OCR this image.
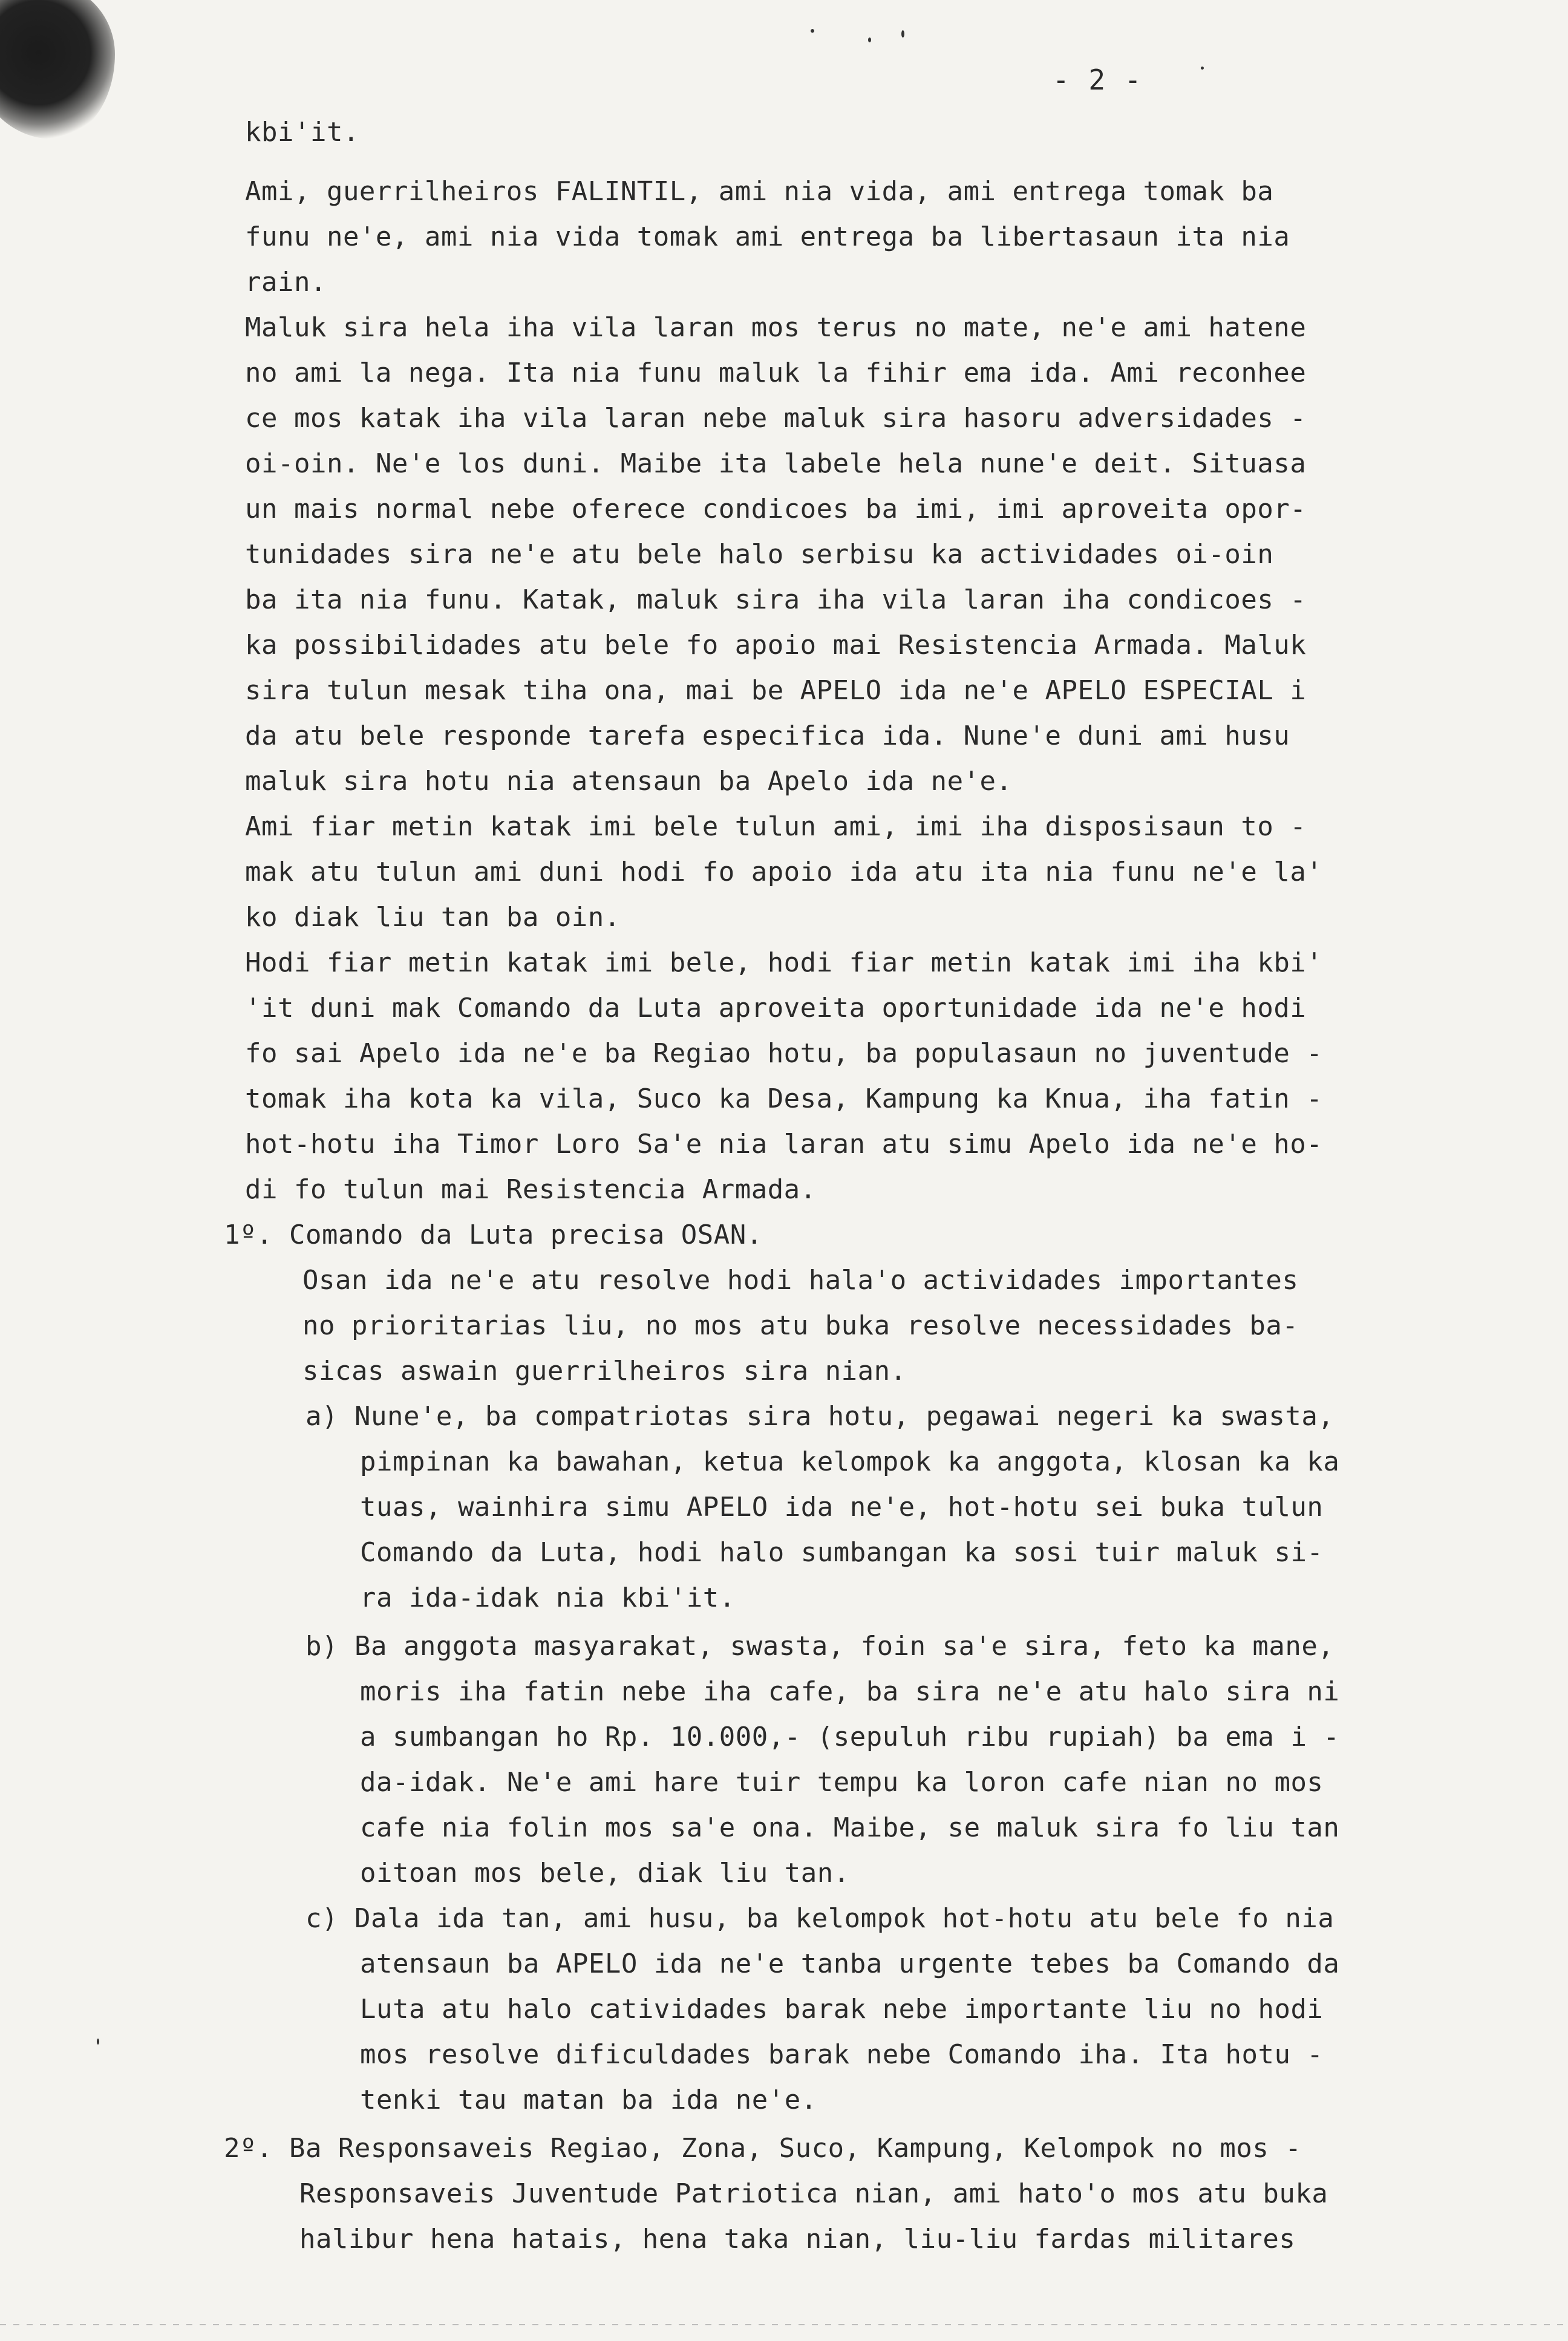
- 2 -
kbi'it.
Ami, guerrilheiros FALINTIL, ami nia vida, ami entrega tomak ba
funu ne'e, ami nia vida tomak ami entrega ba libertasaun ita nia
rain.
Maluk sira hela iha vila laran mos terus no mate, ne'e ami hatene
no ami la nega. Ita nia funu maluk la fihir ema ida. Ami reconhee
ce mos katak iha vila laran nebe maluk sira hasoru adversidades -
oi-oin. Ne'e los duni. Maibe ita labele hela nune'e deit. Situasa
un mais normal nebe oferece condicoes ba imi, imi aproveita opor-
tunidades sira ne'e atu bele halo serbisu ka actividades oi-oin
ba ita nia funu. Katak, maluk sira iha vila laran iha condicoes -
ka possibilidades atu bele fo apoio mai Resistencia Armada. Maluk
sira tulun mesak tiha ona, mai be APELO ida ne'e APELO ESPECIAL i
da atu bele responde tarefa especifica ida. Nune'e duni ami husu
maluk sira hotu nia atensaun ba Apelo ida ne'e.
Ami fiar metin katak imi bele tulun ami, imi iha disposisaun to -
mak atu tulun ami duni hodi fo apoio ida atu ita nia funu ne'e la'
ko diak liu tan ba oin.
Hodi fiar metin katak imi bele, hodi fiar metin katak imi iha kbi'
'it duni mak Comando da Luta aproveita oportunidade ida ne'e hodi
fo sai Apelo ida ne'e ba Regiao hotu, ba populasaun no juventude -
tomak iha kota ka vila, Suco ka Desa, Kampung ka Knua, iha fatin -
hot-hotu iha Timor Loro Sa'e nia laran atu simu Apelo ida ne'e ho-
di fo tulun mai Resistencia Armada.
1º. Comando da Luta precisa OSAN.
Osan ida ne'e atu resolve hodi hala'o actividades importantes
no prioritarias liu, no mos atu buka resolve necessidades ba-
sicas aswain guerrilheiros sira nian.
a) Nune'e, ba compatriotas sira hotu, pegawai negeri ka swasta,
pimpinan ka bawahan, ketua kelompok ka anggota, klosan ka ka
tuas, wainhira simu APELO ida ne'e, hot-hotu sei buka tulun
Comando da Luta, hodi halo sumbangan ka sosi tuir maluk si-
ra ida-idak nia kbi'it.
b) Ba anggota masyarakat, swasta, foin sa'e sira, feto ka mane,
moris iha fatin nebe iha cafe, ba sira ne'e atu halo sira ni
a sumbangan ho Rp. 10.000,- (sepuluh ribu rupiah) ba ema i -
da-idak. Ne'e ami hare tuir tempu ka loron cafe nian no mos
cafe nia folin mos sa'e ona. Maibe, se maluk sira fo liu tan
oitoan mos bele, diak liu tan.
c) Dala ida tan, ami husu, ba kelompok hot-hotu atu bele fo nia
atensaun ba APELO ida ne'e tanba urgente tebes ba Comando da
Luta atu halo catividades barak nebe importante liu no hodi
mos resolve dificuldades barak nebe Comando iha. Ita hotu -
tenki tau matan ba ida ne'e.
2º. Ba Responsaveis Regiao, Zona, Suco, Kampung, Kelompok no mos -
Responsaveis Juventude Patriotica nian, ami hato'o mos atu buka
halibur hena hatais, hena taka nian, liu-liu fardas militares
